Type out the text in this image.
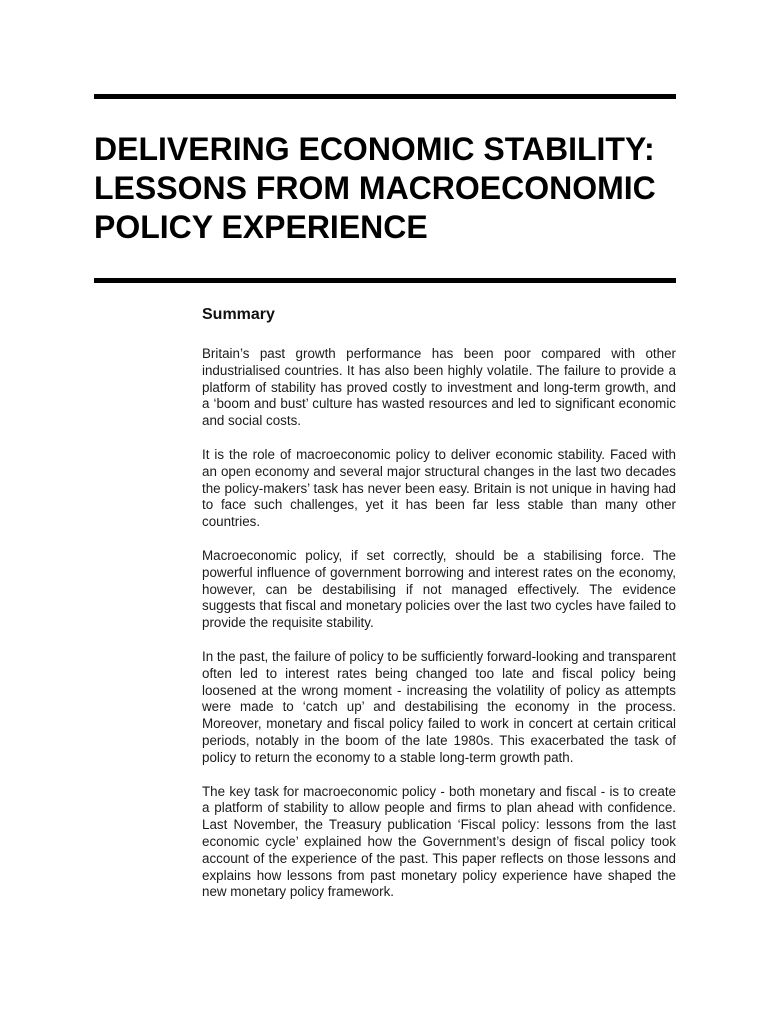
DELIVERING ECONOMIC STABILITY:
LESSONS FROM MACROECONOMIC
POLICY EXPERIENCE
Summary

Britain’s past growth performance has been poor compared with other industrialised countries. It has also been highly volatile. The failure to provide a platform of stability has proved costly to investment and long-term growth, and a ‘boom and bust’ culture has wasted resources and led to significant economic and social costs.

It is the role of macroeconomic policy to deliver economic stability. Faced with an open economy and several major structural changes in the last two decades the policy-makers’ task has never been easy. Britain is not unique in having had to face such challenges, yet it has been far less stable than many other countries.

Macroeconomic policy, if set correctly, should be a stabilising force. The powerful influence of government borrowing and interest rates on the economy, however, can be destabilising if not managed effectively. The evidence suggests that fiscal and monetary policies over the last two cycles have failed to provide the requisite stability.

In the past, the failure of policy to be sufficiently forward-looking and transparent often led to interest rates being changed too late and fiscal policy being loosened at the wrong moment - increasing the volatility of policy as attempts were made to ‘catch up’ and destabilising the economy in the process. Moreover, monetary and fiscal policy failed to work in concert at certain critical periods, notably in the boom of the late 1980s. This exacerbated the task of policy to return the economy to a stable long-term growth path.

The key task for macroeconomic policy - both monetary and fiscal - is to create a platform of stability to allow people and firms to plan ahead with confidence. Last November, the Treasury publication ‘Fiscal policy: lessons from the last economic cycle’ explained how the Government’s design of fiscal policy took account of the experience of the past. This paper reflects on those lessons and explains how lessons from past monetary policy experience have shaped the new monetary policy framework.
